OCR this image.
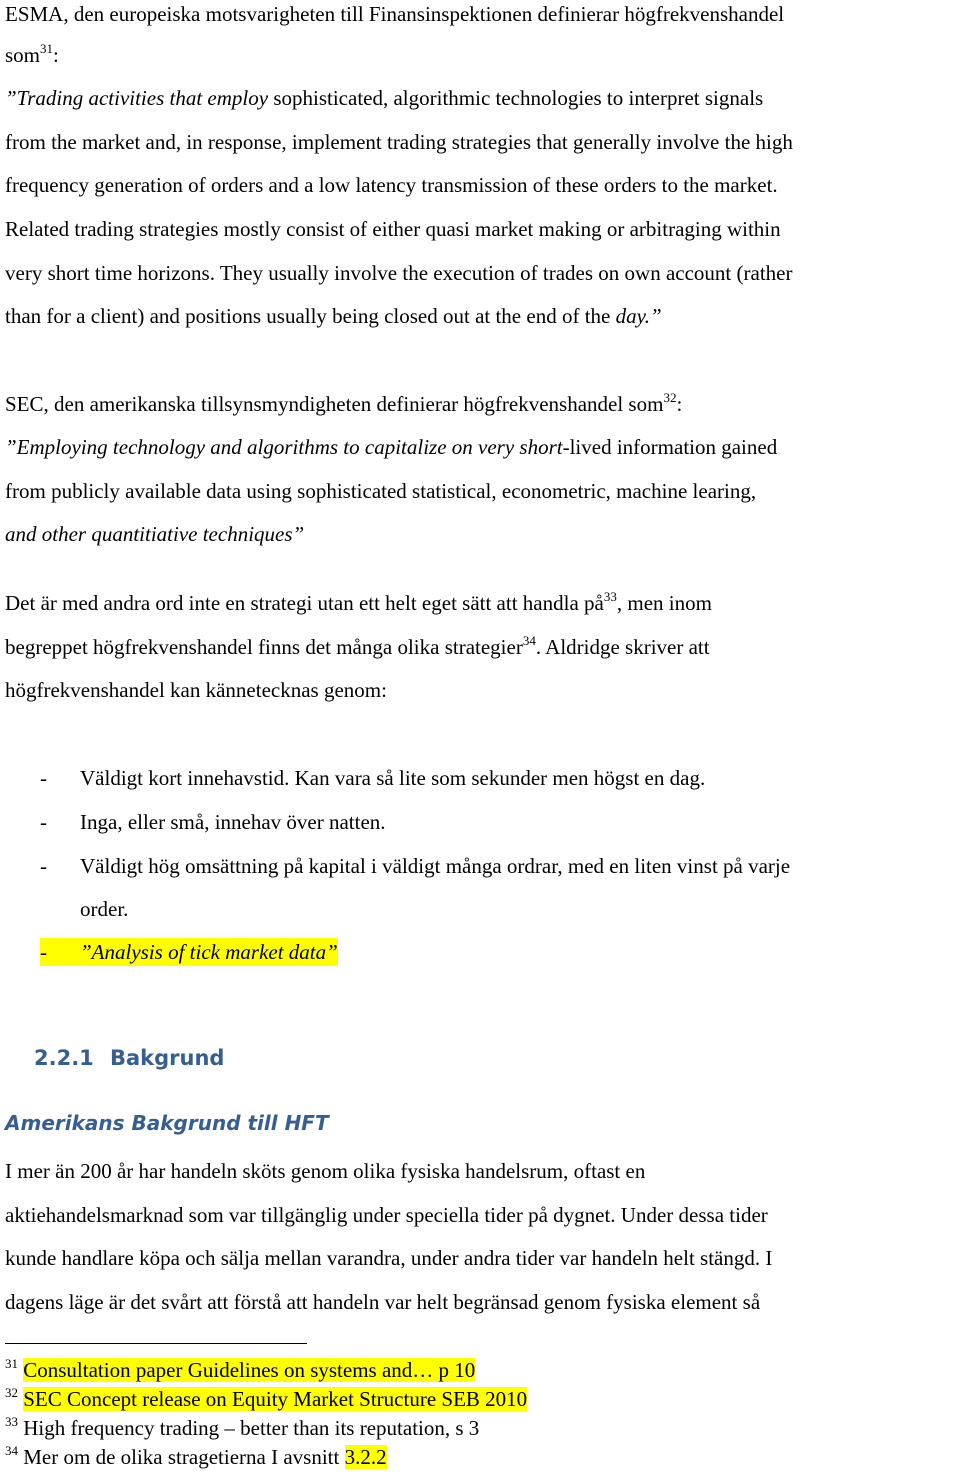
ESMA, den europeiska motsvarigheten till Finansinspektionen definierar högfrekvenshandel
som$^{31}$:
”Trading activities that employ sophisticated, algorithmic technologies to interpret signals
from the market and, in response, implement trading strategies that generally involve the high
frequency generation of orders and a low latency transmission of these orders to the market.
Related trading strategies mostly consist of either quasi market making or arbitraging within
very short time horizons. They usually involve the execution of trades on own account (rather
than for a client) and positions usually being closed out at the end of the day.”
SEC, den amerikanska tillsynsmyndigheten definierar högfrekvenshandel som$^{32}$:
”Employing technology and algorithms to capitalize on very short-lived information gained
from publicly available data using sophisticated statistical, econometric, machine learing,
and other quantitiative techniques”
Det är med andra ord inte en strategi utan ett helt eget sätt att handla $på^{33}$, men inom
begreppet högfrekvenshandel finns det många olika strategier$^{34}$. Aldridge skriver att
högfrekvenshandel kan kännetecknas genom:
- Väldigt kort innehavstid. Kan vara så lite som sekunder men högst en dag.
- Inga, eller små, innehav över natten.
- Väldigt hög omsättning på kapital i väldigt många ordrar, med en liten vinst på varje
order.
- ”Analysis of tick market data”
2.2.1 Bakgrund
Amerikans Bakgrund till HFT
I mer än 200 år har handeln sköts genom olika fysiska handelsrum, oftast en
aktiehandelsmarknad som var tillgänglig under speciella tider på dygnet. Under dessa tider
kunde handlare köpa och sälja mellan varandra, under andra tider var handeln helt stängd. I
dagens läge är det svårt att förstå att handeln var helt begränsad genom fysiska element så
$^{31}$ Consultation paper Guidelines on systems and… p 10
$^{32}$ SEC Concept release on Equity Market Structure SEB 2010
$^{33}$ High frequency trading – better than its reputation, s 3
$^{34}$ Mer om de olika stragetierna I avsnitt 3.2.2
